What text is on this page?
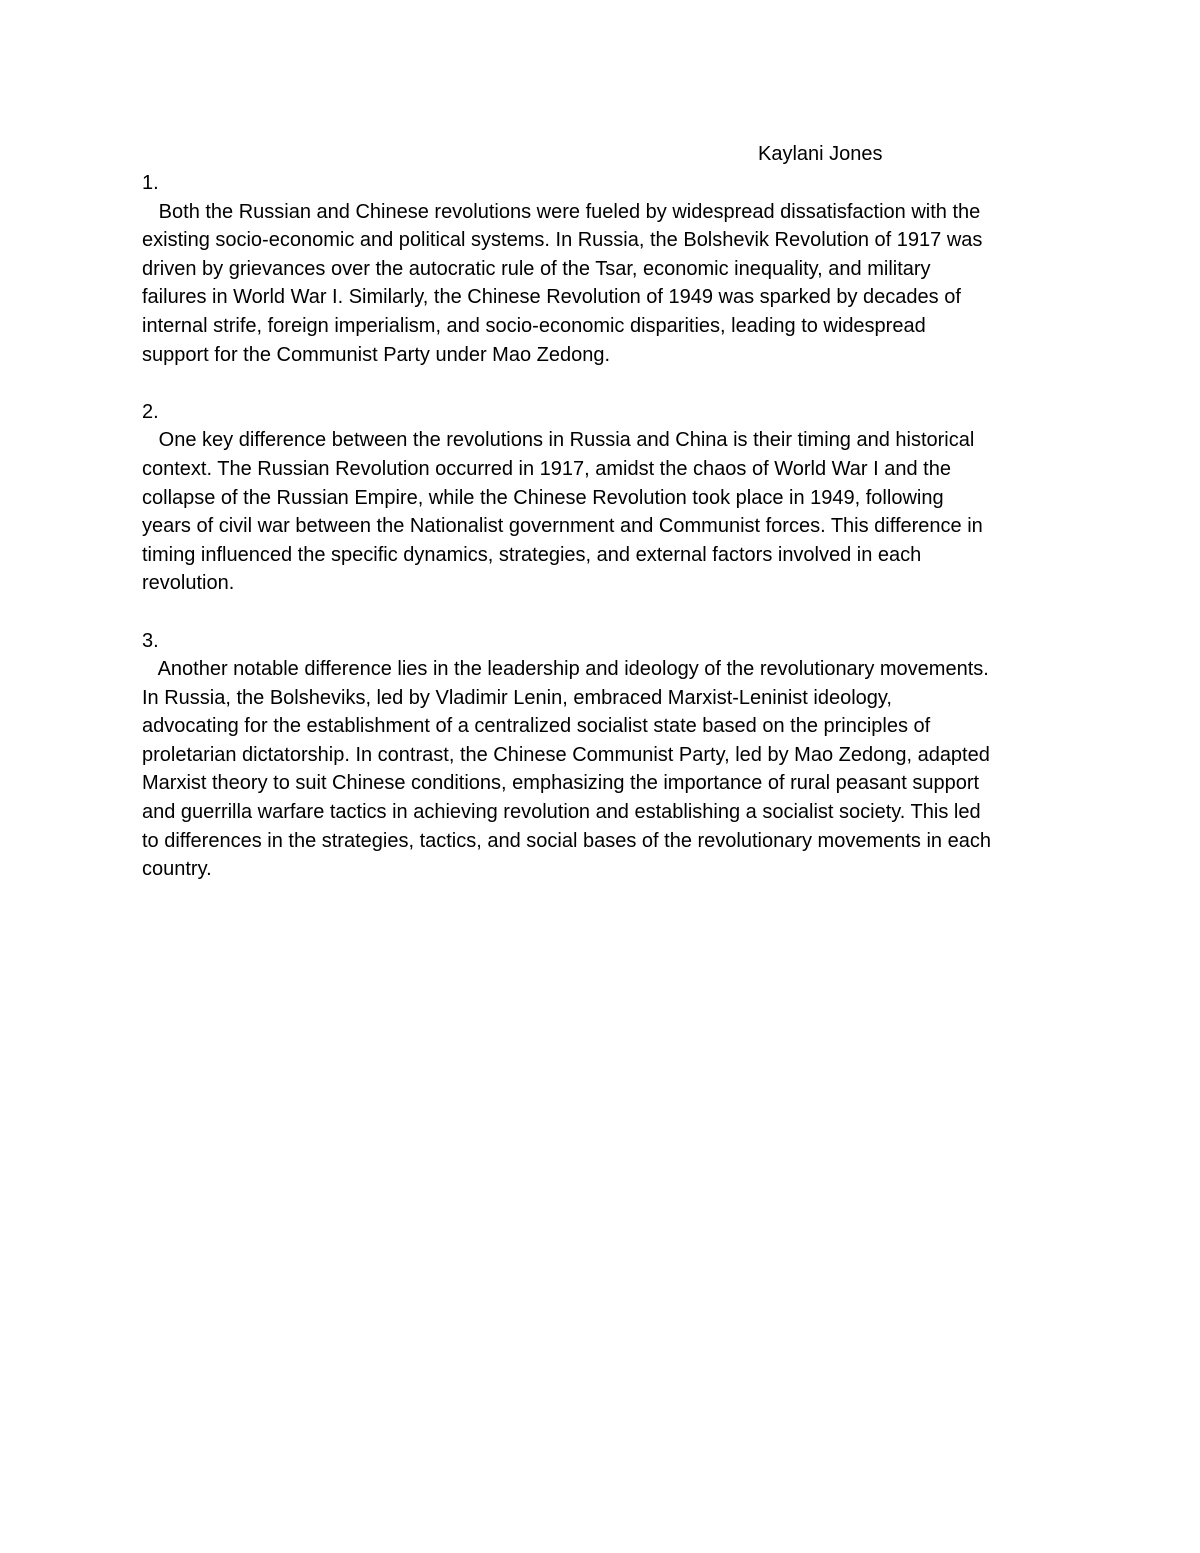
Kaylani Jones
1.
Both the Russian and Chinese revolutions were fueled by widespread dissatisfaction with the
existing socio-economic and political systems. In Russia, the Bolshevik Revolution of 1917 was
driven by grievances over the autocratic rule of the Tsar, economic inequality, and military
failures in World War I. Similarly, the Chinese Revolution of 1949 was sparked by decades of
internal strife, foreign imperialism, and socio-economic disparities, leading to widespread
support for the Communist Party under Mao Zedong.
2.
One key difference between the revolutions in Russia and China is their timing and historical
context. The Russian Revolution occurred in 1917, amidst the chaos of World War I and the
collapse of the Russian Empire, while the Chinese Revolution took place in 1949, following
years of civil war between the Nationalist government and Communist forces. This difference in
timing influenced the specific dynamics, strategies, and external factors involved in each
revolution.
3.
Another notable difference lies in the leadership and ideology of the revolutionary movements.
In Russia, the Bolsheviks, led by Vladimir Lenin, embraced Marxist-Leninist ideology,
advocating for the establishment of a centralized socialist state based on the principles of
proletarian dictatorship. In contrast, the Chinese Communist Party, led by Mao Zedong, adapted
Marxist theory to suit Chinese conditions, emphasizing the importance of rural peasant support
and guerrilla warfare tactics in achieving revolution and establishing a socialist society. This led
to differences in the strategies, tactics, and social bases of the revolutionary movements in each
country.
